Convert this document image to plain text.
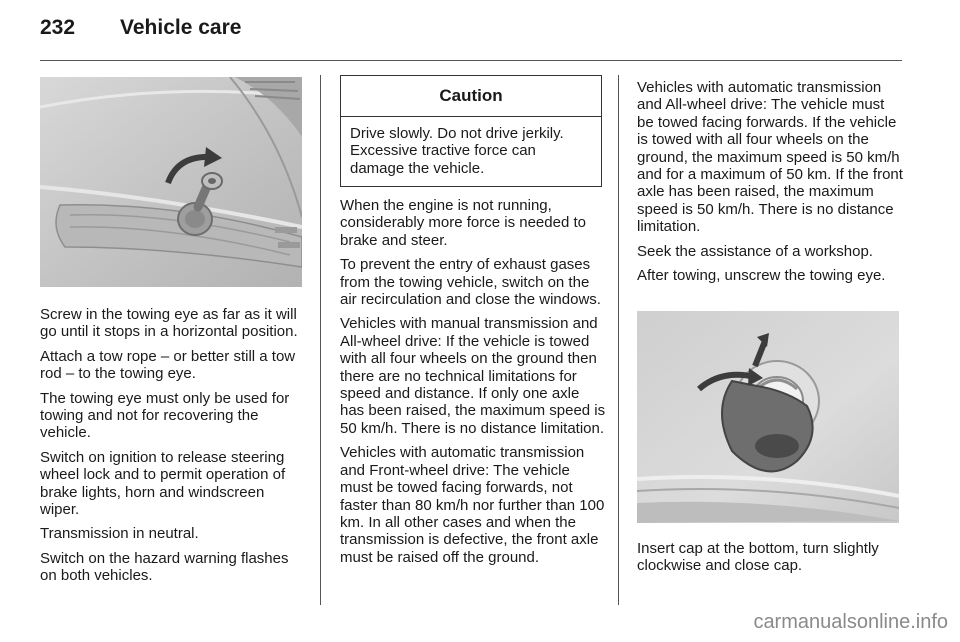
232	Vehicle care

Screw in the towing eye as far as it will go until it stops in a horizontal position.

Attach a tow rope – or better still a tow rod – to the towing eye.

The towing eye must only be used for towing and not for recovering the vehicle.

Switch on ignition to release steering wheel lock and to permit operation of brake lights, horn and windscreen wiper.

Transmission in neutral.

Switch on the hazard warning flashes on both vehicles.

Caution
Drive slowly. Do not drive jerkily. Excessive tractive force can damage the vehicle.

When the engine is not running, considerably more force is needed to brake and steer.

To prevent the entry of exhaust gases from the towing vehicle, switch on the air recirculation and close the windows.

Vehicles with manual transmission and All-wheel drive: If the vehicle is towed with all four wheels on the ground then there are no technical limitations for speed and distance. If only one axle has been raised, the maximum speed is 50 km/h. There is no distance limitation.

Vehicles with automatic transmission and Front-wheel drive: The vehicle must be towed facing forwards, not faster than 80 km/h nor further than 100 km. In all other cases and when the transmission is defective, the front axle must be raised off the ground.

Vehicles with automatic transmission and All-wheel drive: The vehicle must be towed facing forwards. If the vehicle is towed with all four wheels on the ground, the maximum speed is 50 km/h and for a maximum of 50 km. If the front axle has been raised, the maximum speed is 50 km/h. There is no distance limitation.

Seek the assistance of a workshop.

After towing, unscrew the towing eye.

Insert cap at the bottom, turn slightly clockwise and close cap.

carmanualsonline.info
